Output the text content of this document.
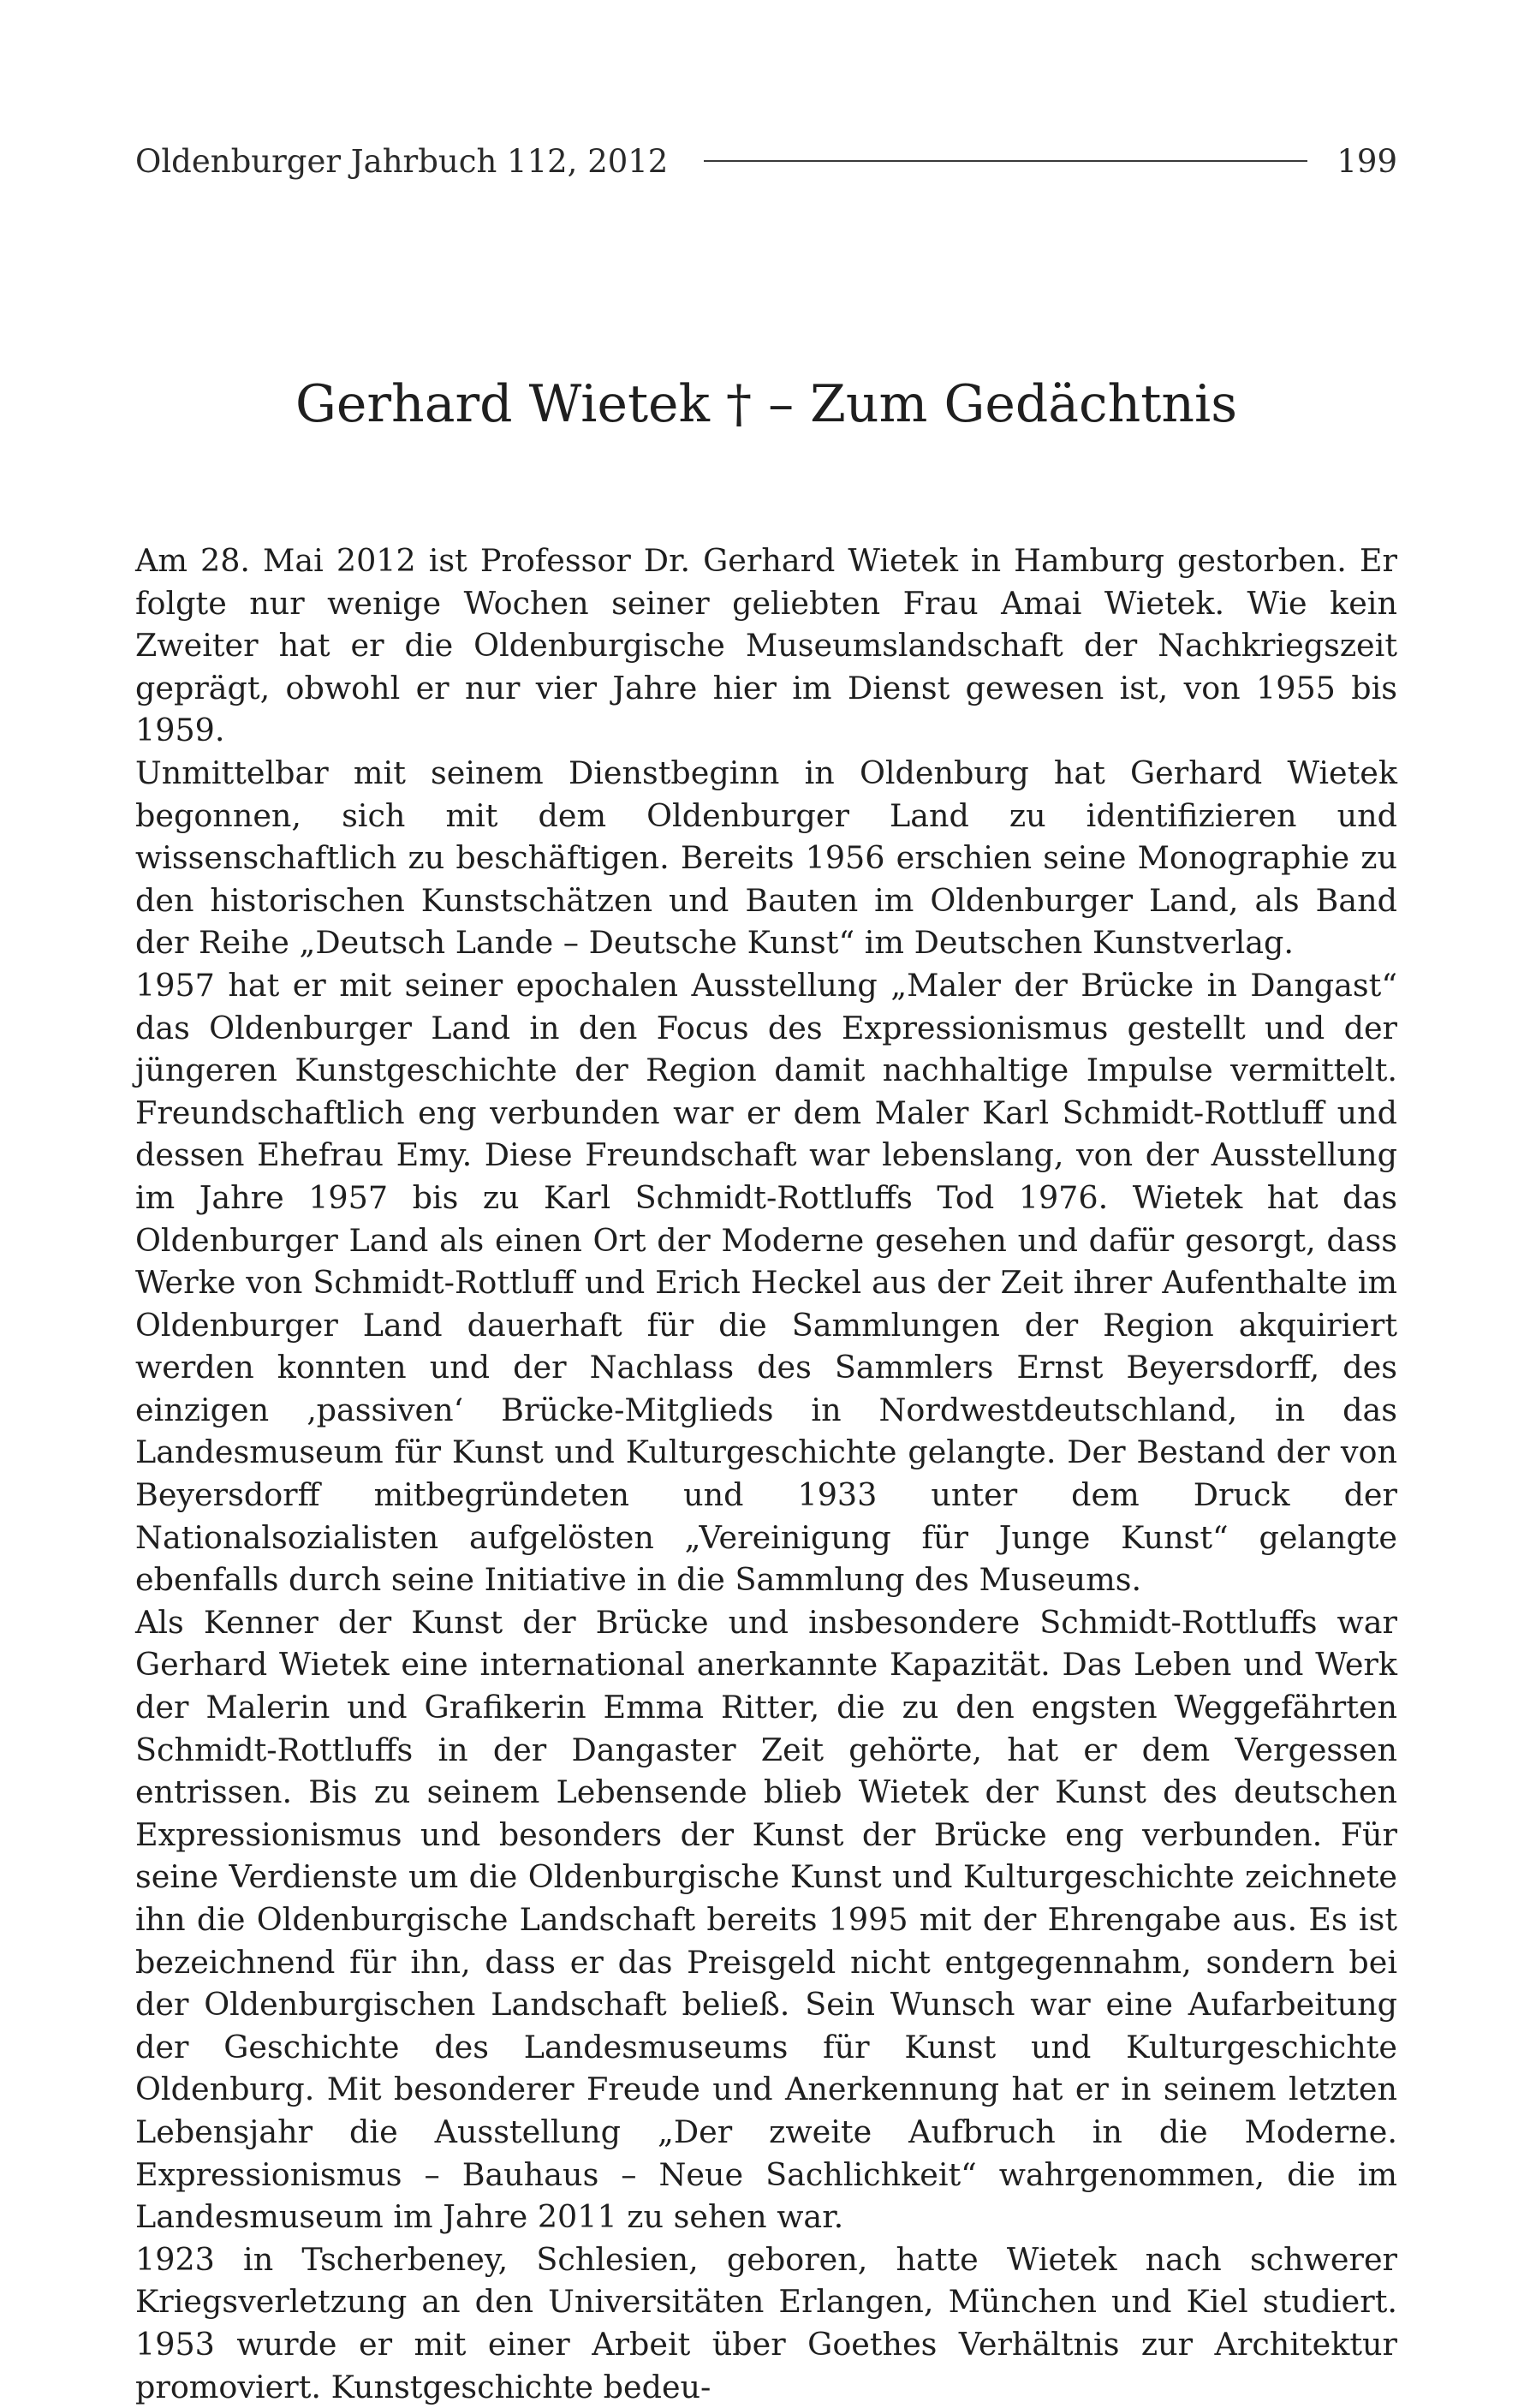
Oldenburger Jahrbuch 112, 2012	199
Gerhard Wietek † – Zum Gedächtnis

Am 28. Mai 2012 ist Professor Dr. Gerhard Wietek in Hamburg gestorben. Er folgte nur wenige Wochen seiner geliebten Frau Amai Wietek. Wie kein Zweiter hat er die Oldenburgische Museumslandschaft der Nachkriegszeit geprägt, obwohl er nur vier Jahre hier im Dienst gewesen ist, von 1955 bis 1959.

Unmittelbar mit seinem Dienstbeginn in Oldenburg hat Gerhard Wietek begonnen, sich mit dem Oldenburger Land zu identifizieren und wissenschaftlich zu beschäftigen. Bereits 1956 erschien seine Monographie zu den historischen Kunstschätzen und Bauten im Oldenburger Land, als Band der Reihe „Deutsch Lande – Deutsche Kunst“ im Deutschen Kunstverlag.

1957 hat er mit seiner epochalen Ausstellung „Maler der Brücke in Dangast“ das Oldenburger Land in den Focus des Expressionismus gestellt und der jüngeren Kunstgeschichte der Region damit nachhaltige Impulse vermittelt. Freundschaftlich eng verbunden war er dem Maler Karl Schmidt-Rottluff und dessen Ehefrau Emy. Diese Freundschaft war lebenslang, von der Ausstellung im Jahre 1957 bis zu Karl Schmidt-Rottluffs Tod 1976. Wietek hat das Oldenburger Land als einen Ort der Moderne gesehen und dafür gesorgt, dass Werke von Schmidt-Rottluff und Erich Heckel aus der Zeit ihrer Aufenthalte im Oldenburger Land dauerhaft für die Sammlungen der Region akquiriert werden konnten und der Nachlass des Sammlers Ernst Beyersdorff, des einzigen ‚passiven‘ Brücke-Mitglieds in Nordwestdeutschland, in das Landesmuseum für Kunst und Kulturgeschichte gelangte. Der Bestand der von Beyersdorff mitbegründeten und 1933 unter dem Druck der Nationalsozialisten aufgelösten „Vereinigung für Junge Kunst“ gelangte ebenfalls durch seine Initiative in die Sammlung des Museums.

Als Kenner der Kunst der Brücke und insbesondere Schmidt-Rottluffs war Gerhard Wietek eine international anerkannte Kapazität. Das Leben und Werk der Malerin und Grafikerin Emma Ritter, die zu den engsten Weggefährten Schmidt-Rottluffs in der Dangaster Zeit gehörte, hat er dem Vergessen entrissen. Bis zu seinem Lebensende blieb Wietek der Kunst des deutschen Expressionismus und besonders der Kunst der Brücke eng verbunden. Für seine Verdienste um die Oldenburgische Kunst und Kulturgeschichte zeichnete ihn die Oldenburgische Landschaft bereits 1995 mit der Ehrengabe aus. Es ist bezeichnend für ihn, dass er das Preisgeld nicht entgegennahm, sondern bei der Oldenburgischen Landschaft beließ. Sein Wunsch war eine Aufarbeitung der Geschichte des Landesmuseums für Kunst und Kulturgeschichte Oldenburg. Mit besonderer Freude und Anerkennung hat er in seinem letzten Lebensjahr die Ausstellung „Der zweite Aufbruch in die Moderne. Expressionismus – Bauhaus – Neue Sachlichkeit“ wahrgenommen, die im Landesmuseum im Jahre 2011 zu sehen war.

1923 in Tscherbeney, Schlesien, geboren, hatte Wietek nach schwerer Kriegsverletzung an den Universitäten Erlangen, München und Kiel studiert. 1953 wurde er mit einer Arbeit über Goethes Verhältnis zur Architektur promoviert. Kunstgeschichte bedeu-
